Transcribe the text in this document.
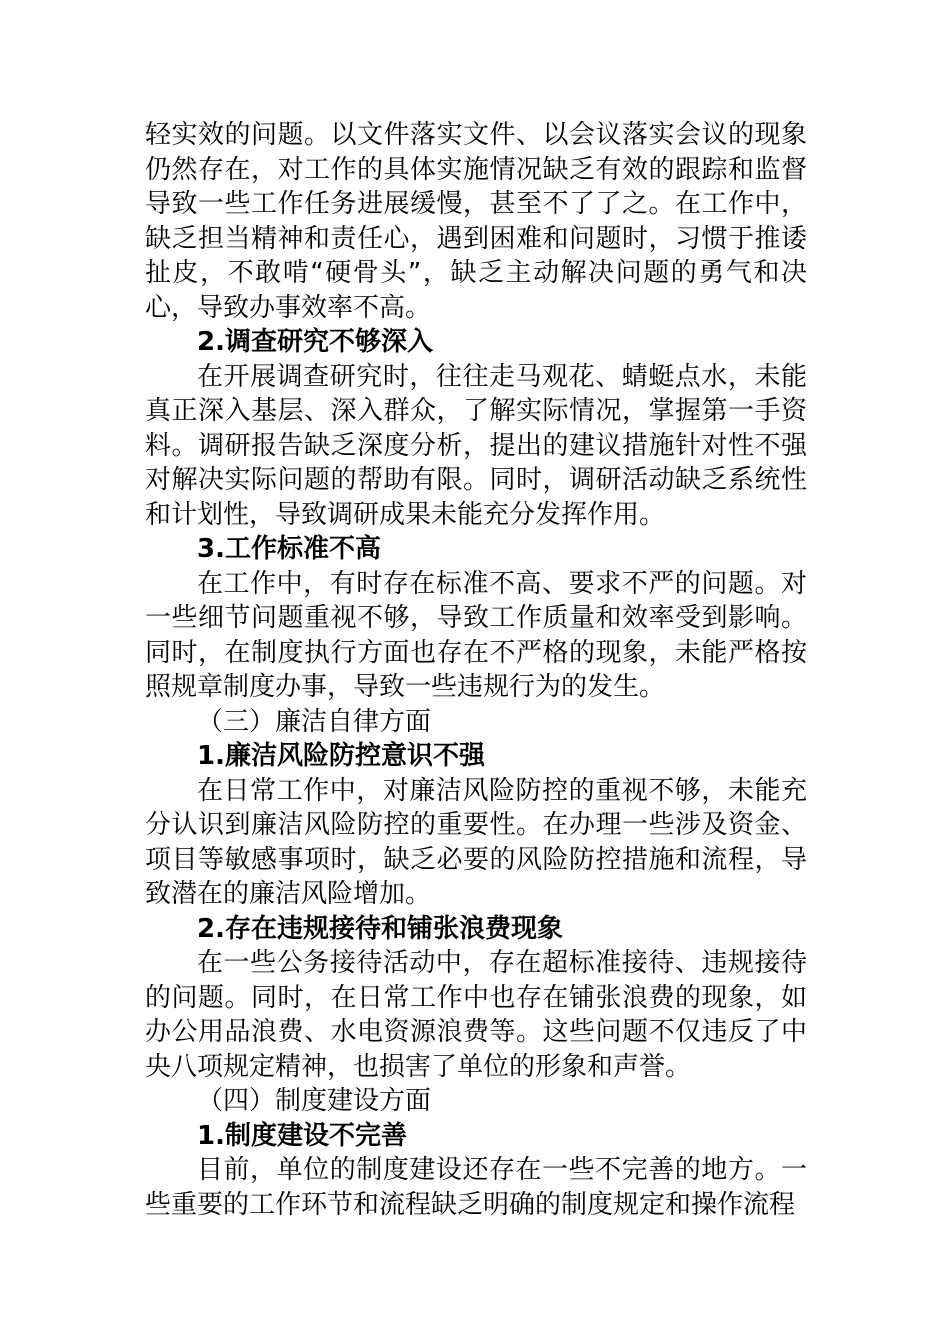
轻实效的问题。以文件落实文件、以会议落实会议的现象仍然存在，对工作的具体实施情况缺乏有效的跟踪和监督导致一些工作任务进展缓慢，甚至不了了之。在工作中，缺乏担当精神和责任心，遇到困难和问题时，习惯于推诿扯皮，不敢啃“硬骨头”，缺乏主动解决问题的勇气和决心，导致办事效率不高。

2.调查研究不够深入

在开展调查研究时，往往走马观花、蜻蜓点水，未能真正深入基层、深入群众，了解实际情况，掌握第一手资料。调研报告缺乏深度分析，提出的建议措施针对性不强对解决实际问题的帮助有限。同时，调研活动缺乏系统性和计划性，导致调研成果未能充分发挥作用。

3.工作标准不高

在工作中，有时存在标准不高、要求不严的问题。对一些细节问题重视不够，导致工作质量和效率受到影响。同时，在制度执行方面也存在不严格的现象，未能严格按照规章制度办事，导致一些违规行为的发生。

（三）廉洁自律方面

1.廉洁风险防控意识不强

在日常工作中，对廉洁风险防控的重视不够，未能充分认识到廉洁风险防控的重要性。在办理一些涉及资金、项目等敏感事项时，缺乏必要的风险防控措施和流程，导致潜在的廉洁风险增加。

2.存在违规接待和铺张浪费现象

在一些公务接待活动中，存在超标准接待、违规接待的问题。同时，在日常工作中也存在铺张浪费的现象，如办公用品浪费、水电资源浪费等。这些问题不仅违反了中央八项规定精神，也损害了单位的形象和声誉。

（四）制度建设方面

1.制度建设不完善

目前，单位的制度建设还存在一些不完善的地方。一些重要的工作环节和流程缺乏明确的制度规定和操作流程
